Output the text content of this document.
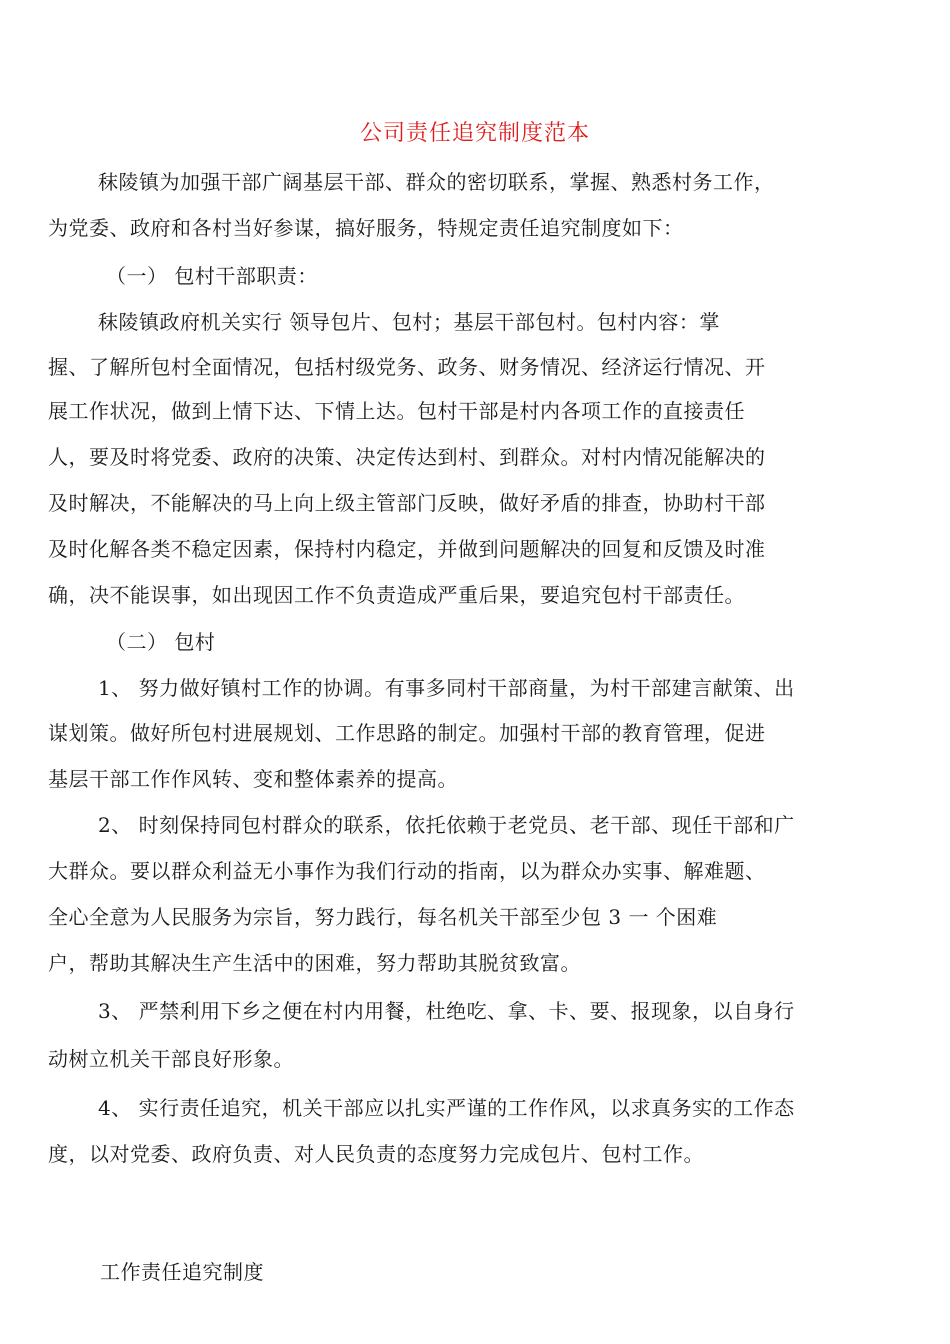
公司责任追究制度范本
秣陵镇为加强干部广阔基层干部、群众的密切联系，掌握、熟悉村务工作，
为党委、政府和各村当好参谋，搞好服务，特规定责任追究制度如下：
（一） 包村干部职责：
秣陵镇政府机关实行 领导包片、包村；基层干部包村。包村内容：掌
握、了解所包村全面情况，包括村级党务、政务、财务情况、经济运行情况、开
展工作状况，做到上情下达、下情上达。包村干部是村内各项工作的直接责任
人，要及时将党委、政府的决策、决定传达到村、到群众。对村内情况能解决的
及时解决，不能解决的马上向上级主管部门反映，做好矛盾的排查，协助村干部
及时化解各类不稳定因素，保持村内稳定，并做到问题解决的回复和反馈及时准
确，决不能误事，如出现因工作不负责造成严重后果，要追究包村干部责任。
（二） 包村
1、 努力做好镇村工作的协调。有事多同村干部商量，为村干部建言献策、出
谋划策。做好所包村进展规划、工作思路的制定。加强村干部的教育管理，促进
基层干部工作作风转、变和整体素养的提高。
2、 时刻保持同包村群众的联系，依托依赖于老党员、老干部、现任干部和广
大群众。要以群众利益无小事作为我们行动的指南，以为群众办实事、解难题、
全心全意为人民服务为宗旨，努力践行，每名机关干部至少包 3 一 个困难
户，帮助其解决生产生活中的困难，努力帮助其脱贫致富。
3、 严禁利用下乡之便在村内用餐，杜绝吃、拿、卡、要、报现象，以自身行
动树立机关干部良好形象。
4、 实行责任追究，机关干部应以扎实严谨的工作作风，以求真务实的工作态
度，以对党委、政府负责、对人民负责的态度努力完成包片、包村工作。
工作责任追究制度
